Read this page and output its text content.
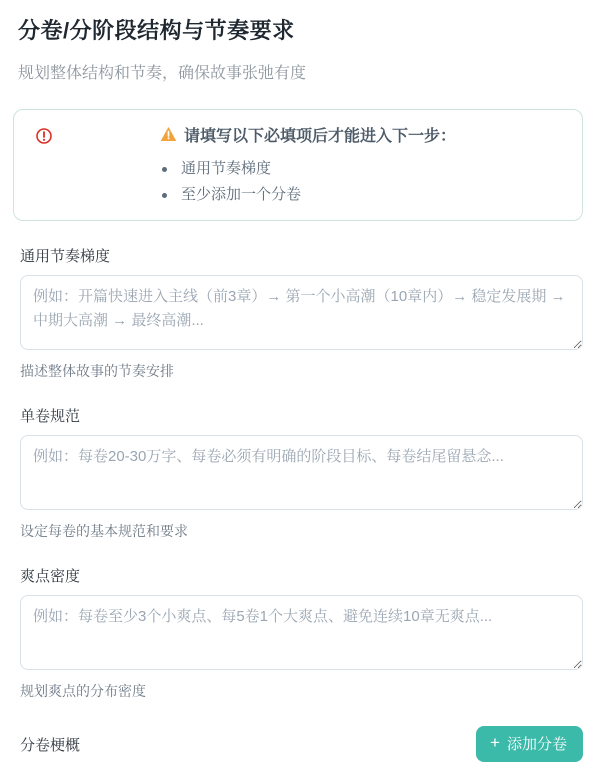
分卷/分阶段结构与节奏要求

规划整体结构和节奏，确保故事张弛有度

请填写以下必填项后才能进入下一步：
通用节奏梯度
至少添加一个分卷
通用节奏梯度
例如：开篇快速进入主线（前3章）→ 第一个小高潮（10章内）→ 稳定发展期 → 中期大高潮 → 最终高潮...
描述整体故事的节奏安排
单卷规范
例如：每卷20-30万字、每卷必须有明确的阶段目标、每卷结尾留悬念...
设定每卷的基本规范和要求
爽点密度
例如：每卷至少3个小爽点、每5卷1个大爽点、避免连续10章无爽点...
规划爽点的分布密度
分卷梗概	+ 添加分卷
